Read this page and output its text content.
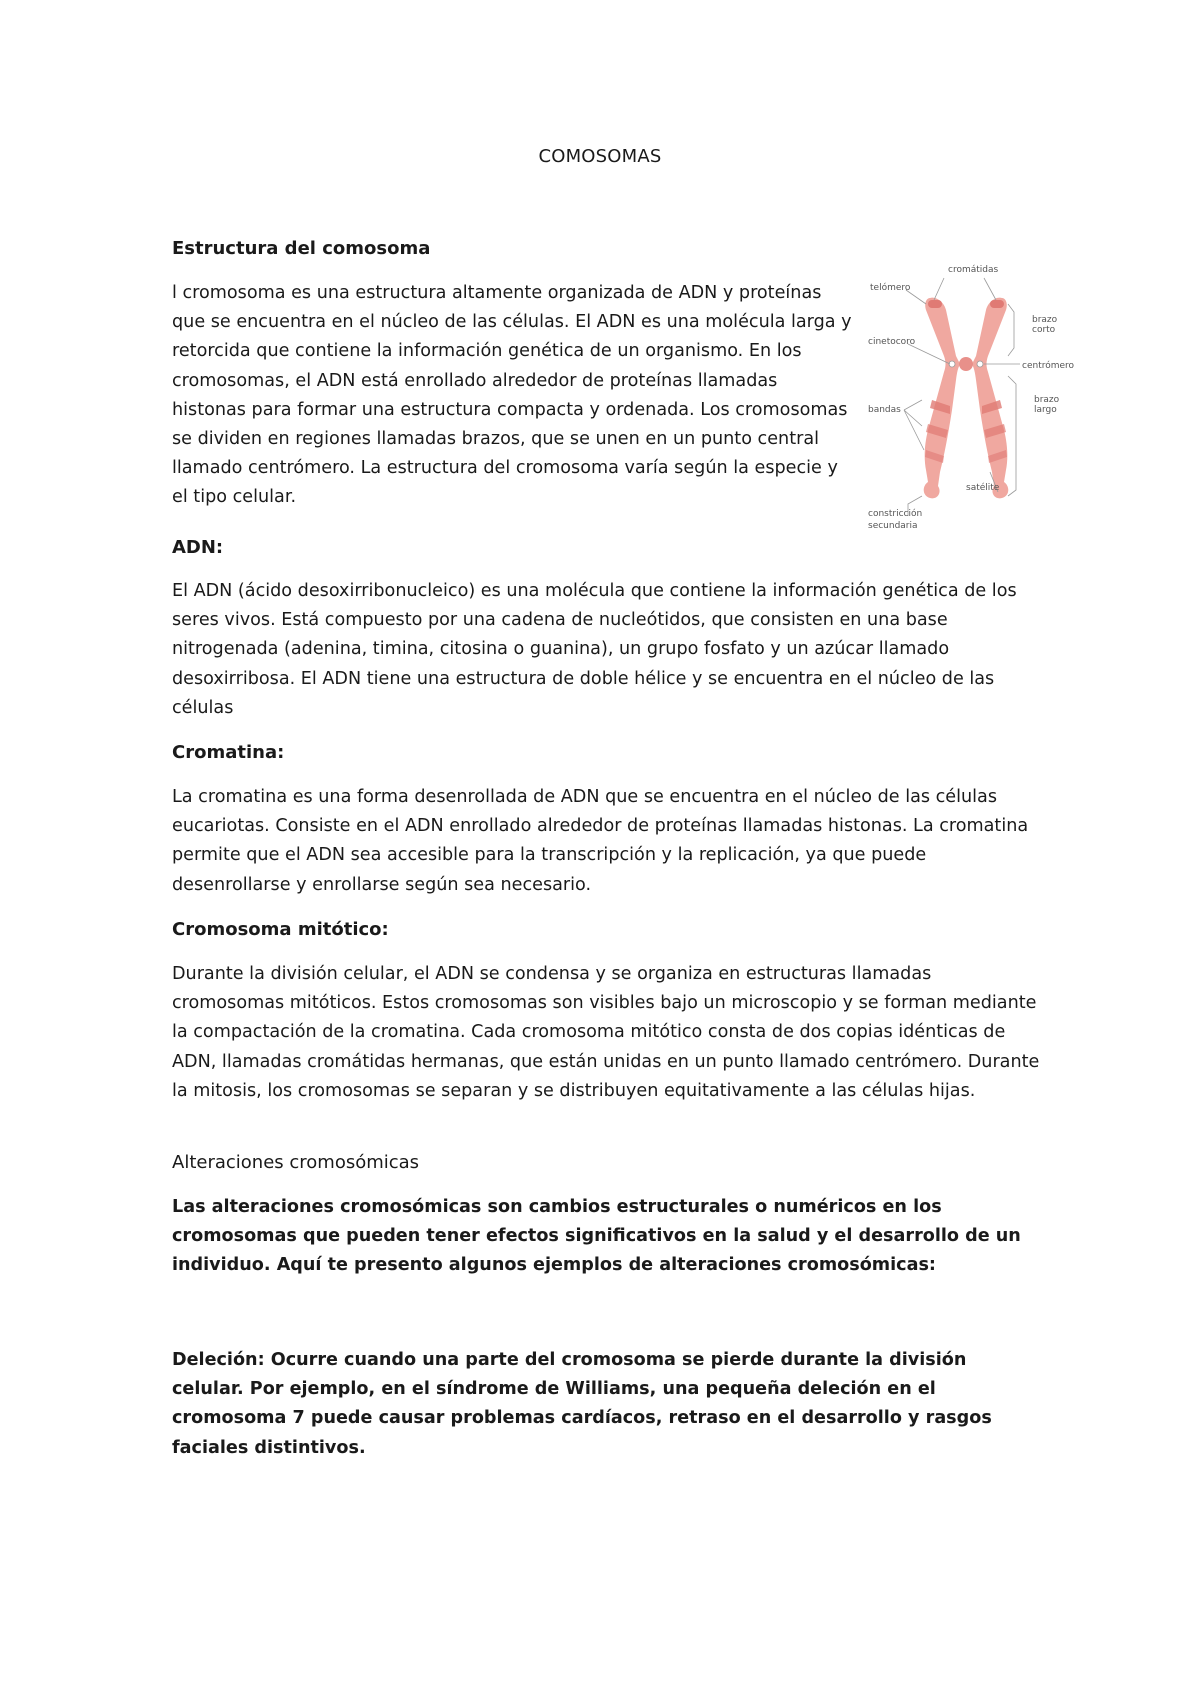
COMOSOMAS
Estructura del comosoma

l cromosoma es una estructura altamente organizada de ADN y proteínas que se encuentra en el núcleo de las células. El ADN es una molécula larga y retorcida que contiene la información genética de un organismo. En los cromosomas, el ADN está enrollado alrededor de proteínas llamadas histonas para formar una estructura compacta y ordenada. Los cromosomas se dividen en regiones llamadas brazos, que se unen en un punto central llamado centrómero. La estructura del cromosoma varía según la especie y el tipo celular.

cromátidas
telómero
brazo
corto
cinetocoro
centrómero
brazo
largo
bandas
satélite
constricción
secundaria
ADN:

El ADN (ácido desoxirribonucleico) es una molécula que contiene la información genética de los seres vivos. Está compuesto por una cadena de nucleótidos, que consisten en una base nitrogenada (adenina, timina, citosina o guanina), un grupo fosfato y un azúcar llamado desoxirribosa. El ADN tiene una estructura de doble hélice y se encuentra en el núcleo de las células

Cromatina:

La cromatina es una forma desenrollada de ADN que se encuentra en el núcleo de las células eucariotas. Consiste en el ADN enrollado alrededor de proteínas llamadas histonas. La cromatina permite que el ADN sea accesible para la transcripción y la replicación, ya que puede desenrollarse y enrollarse según sea necesario.

Cromosoma mitótico:

Durante la división celular, el ADN se condensa y se organiza en estructuras llamadas cromosomas mitóticos. Estos cromosomas son visibles bajo un microscopio y se forman mediante la compactación de la cromatina. Cada cromosoma mitótico consta de dos copias idénticas de ADN, llamadas cromátidas hermanas, que están unidas en un punto llamado centrómero. Durante la mitosis, los cromosomas se separan y se distribuyen equitativamente a las células hijas.

Alteraciones cromosómicas

Las alteraciones cromosómicas son cambios estructurales o numéricos en los cromosomas que pueden tener efectos significativos en la salud y el desarrollo de un individuo. Aquí te presento algunos ejemplos de alteraciones cromosómicas:

Deleción: Ocurre cuando una parte del cromosoma se pierde durante la división celular. Por ejemplo, en el síndrome de Williams, una pequeña deleción en el cromosoma 7 puede causar problemas cardíacos, retraso en el desarrollo y rasgos faciales distintivos.
